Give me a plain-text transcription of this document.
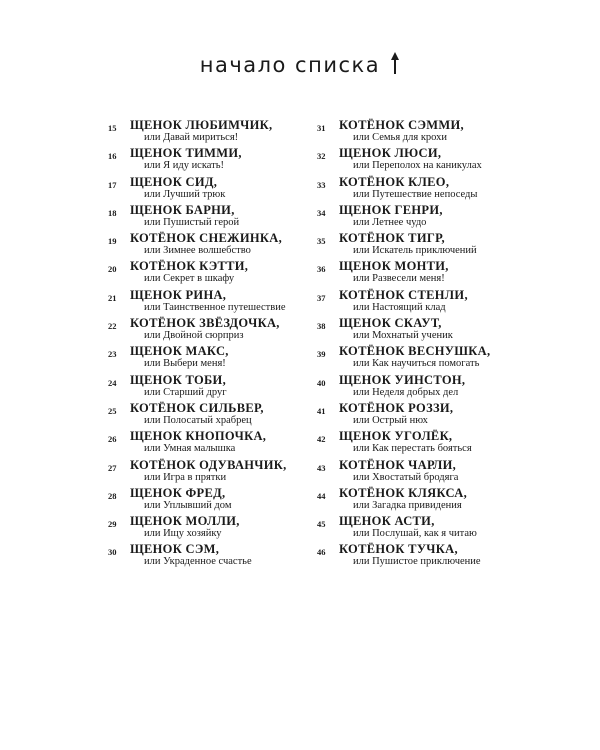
начало списка
15	ЩЕНОК ЛЮБИМЧИК,
или Давай мириться!
16	ЩЕНОК ТИММИ,
или Я иду искать!
17	ЩЕНОК СИД,
или Лучший трюк
18	ЩЕНОК БАРНИ,
или Пушистый герой
19	КОТЁНОК СНЕЖИНКА,
или Зимнее волшебство
20	КОТЁНОК КЭТТИ,
или Секрет в шкафу
21	ЩЕНОК РИНА,
или Таинственное путешествие
22	КОТЁНОК ЗВЁЗДОЧКА,
или Двойной сюрприз
23	ЩЕНОК МАКС,
или Выбери меня!
24	ЩЕНОК ТОБИ,
или Старший друг
25	КОТЁНОК СИЛЬВЕР,
или Полосатый храбрец
26	ЩЕНОК КНОПОЧКА,
или Умная малышка
27	КОТЁНОК ОДУВАНЧИК,
или Игра в прятки
28	ЩЕНОК ФРЕД,
или Уплывший дом
29	ЩЕНОК МОЛЛИ,
или Ищу хозяйку
30	ЩЕНОК СЭМ,
или Украденное счастье
31	КОТЁНОК СЭММИ,
или Семья для крохи
32	ЩЕНОК ЛЮСИ,
или Переполох на каникулах
33	КОТЁНОК КЛЕО,
или Путешествие непоседы
34	ЩЕНОК ГЕНРИ,
или Летнее чудо
35	КОТЁНОК ТИГР,
или Искатель приключений
36	ЩЕНОК МОНТИ,
или Развесели меня!
37	КОТЁНОК СТЕНЛИ,
или Настоящий клад
38	ЩЕНОК СКАУТ,
или Мохнатый ученик
39	КОТЁНОК ВЕСНУШКА,
или Как научиться помогать
40	ЩЕНОК УИНСТОН,
или Неделя добрых дел
41	КОТЁНОК РОЗЗИ,
или Острый нюх
42	ЩЕНОК УГОЛЁК,
или Как перестать бояться
43	КОТЁНОК ЧАРЛИ,
или Хвостатый бродяга
44	КОТЁНОК КЛЯКСА,
или Загадка привидения
45	ЩЕНОК АСТИ,
или Послушай, как я читаю
46	КОТЁНОК ТУЧКА,
или Пушистое приключение
